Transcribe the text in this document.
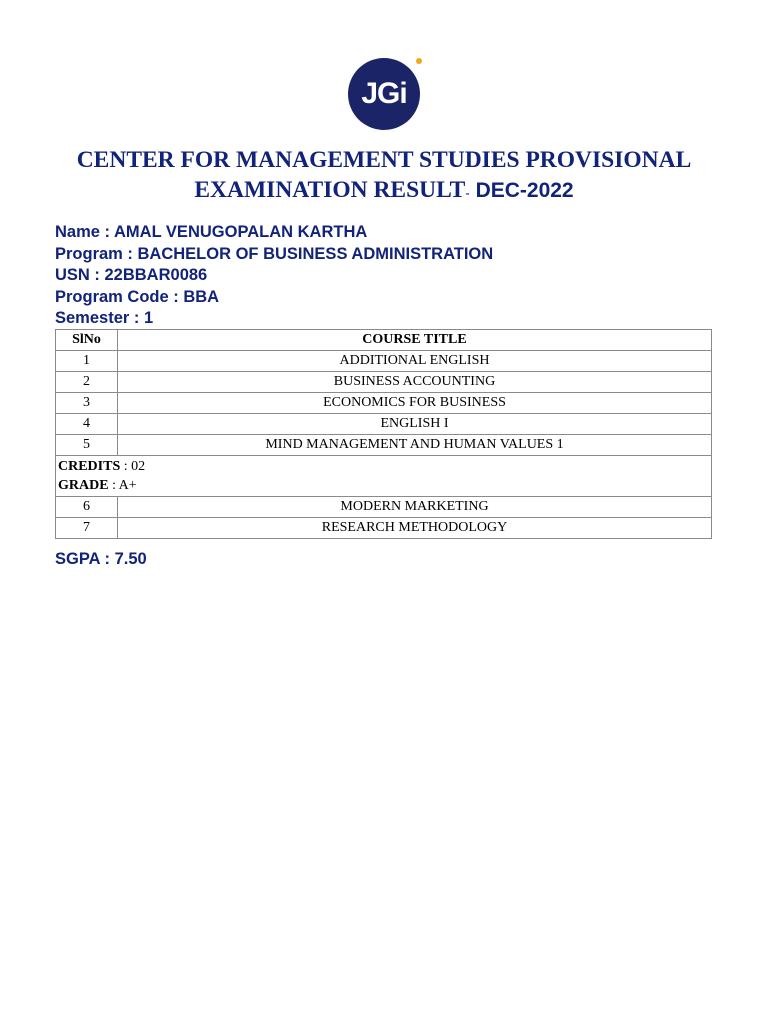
JGi
CENTER FOR MANAGEMENT STUDIES PROVISIONAL
EXAMINATION RESULT- DEC-2022
Name : AMAL VENUGOPALAN KARTHA
Program : BACHELOR OF BUSINESS ADMINISTRATION
USN : 22BBAR0086
Program Code : BBA
Semester : 1
SlNo	COURSE TITLE
1	ADDITIONAL ENGLISH
2	BUSINESS ACCOUNTING
3	ECONOMICS FOR BUSINESS
4	ENGLISH I
5	MIND MANAGEMENT AND HUMAN VALUES 1

CREDITS : 02
GRADE : A+	

6	MODERN MARKETING
7	RESEARCH METHODOLOGY
SGPA : 7.50
